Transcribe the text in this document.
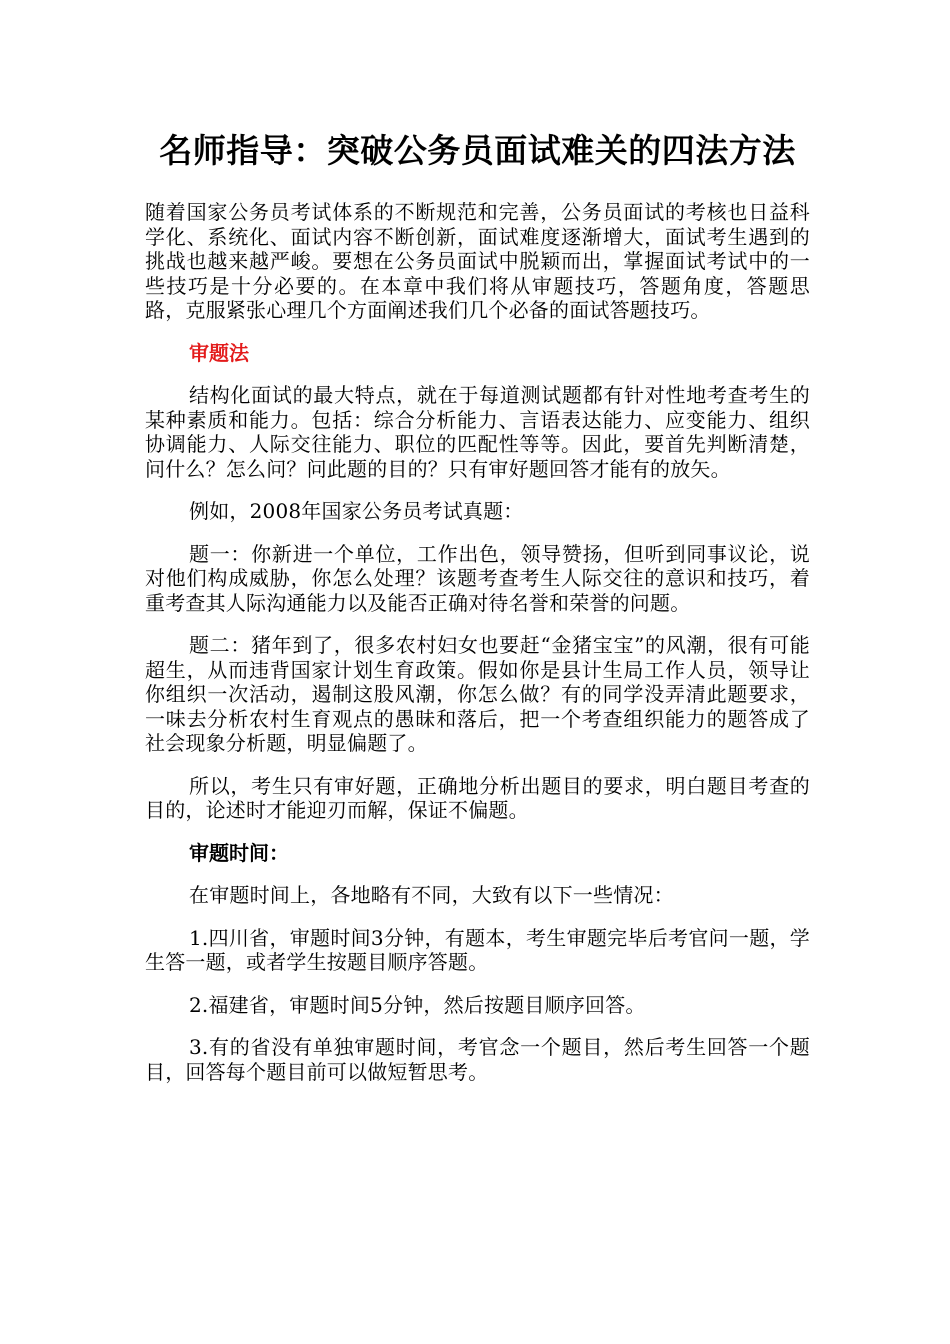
名师指导：突破公务员面试难关的四法方法

随着国家公务员考试体系的不断规范和完善，公务员面试的考核也日益科学化、系统化、面试内容不断创新，面试难度逐渐增大，面试考生遇到的挑战也越来越严峻。要想在公务员面试中脱颖而出，掌握面试考试中的一些技巧是十分必要的。在本章中我们将从审题技巧，答题角度，答题思路，克服紧张心理几个方面阐述我们几个必备的面试答题技巧。

审题法

结构化面试的最大特点，就在于每道测试题都有针对性地考查考生的某种素质和能力。包括：综合分析能力、言语表达能力、应变能力、组织协调能力、人际交往能力、职位的匹配性等等。因此，要首先判断清楚，问什么？怎么问？问此题的目的？只有审好题回答才能有的放矢。

例如，2008年国家公务员考试真题：

题一：你新进一个单位，工作出色，领导赞扬，但听到同事议论，说对他们构成威胁，你怎么处理？该题考查考生人际交往的意识和技巧，着重考查其人际沟通能力以及能否正确对待名誉和荣誉的问题。

题二：猪年到了，很多农村妇女也要赶“金猪宝宝”的风潮，很有可能超生，从而违背国家计划生育政策。假如你是县计生局工作人员，领导让你组织一次活动，遏制这股风潮，你怎么做？有的同学没弄清此题要求，一味去分析农村生育观点的愚昧和落后，把一个考查组织能力的题答成了社会现象分析题，明显偏题了。

所以，考生只有审好题，正确地分析出题目的要求，明白题目考查的目的，论述时才能迎刃而解，保证不偏题。

审题时间：

在审题时间上，各地略有不同，大致有以下一些情况：

1.四川省，审题时间3分钟，有题本，考生审题完毕后考官问一题，学生答一题，或者学生按题目顺序答题。

2.福建省，审题时间5分钟，然后按题目顺序回答。

3.有的省没有单独审题时间，考官念一个题目，然后考生回答一个题目，回答每个题目前可以做短暂思考。
